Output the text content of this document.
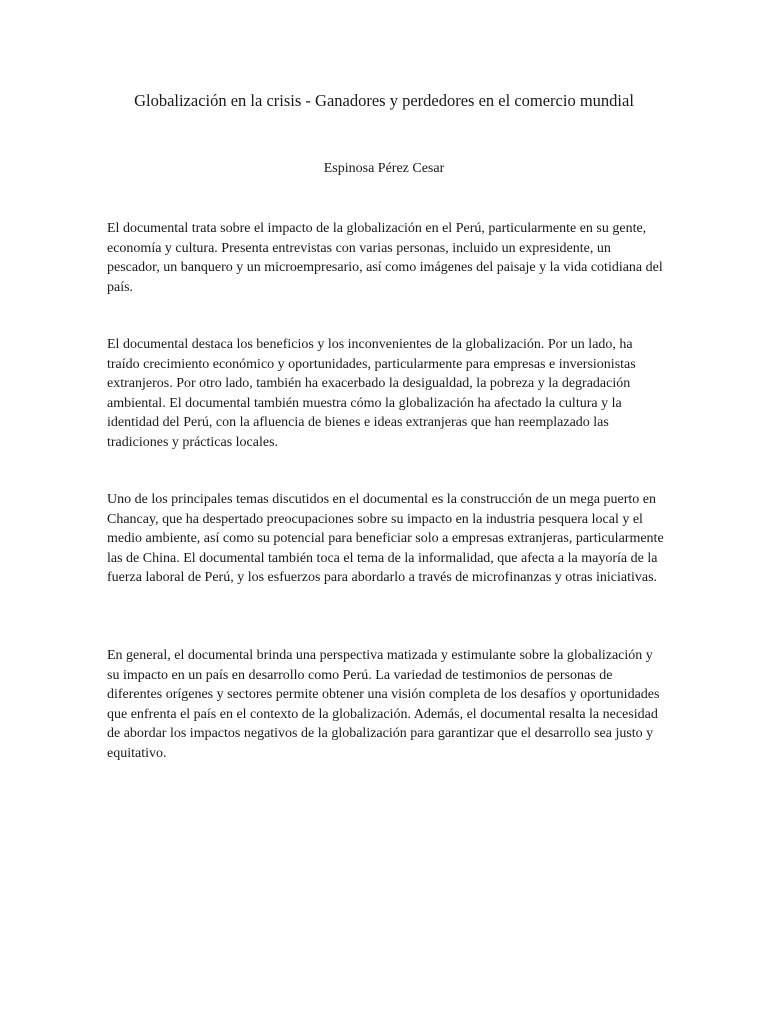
Globalización en la crisis - Ganadores y perdedores en el comercio mundial

Espinosa Pérez Cesar

El documental trata sobre el impacto de la globalización en el Perú, particularmente en su gente, economía y cultura. Presenta entrevistas con varias personas, incluido un expresidente, un pescador, un banquero y un microempresario, así como imágenes del paisaje y la vida cotidiana del país.

El documental destaca los beneficios y los inconvenientes de la globalización. Por un lado, ha traído crecimiento económico y oportunidades, particularmente para empresas e inversionistas extranjeros. Por otro lado, también ha exacerbado la desigualdad, la pobreza y la degradación ambiental. El documental también muestra cómo la globalización ha afectado la cultura y la identidad del Perú, con la afluencia de bienes e ideas extranjeras que han reemplazado las tradiciones y prácticas locales.

Uno de los principales temas discutidos en el documental es la construcción de un mega puerto en Chancay, que ha despertado preocupaciones sobre su impacto en la industria pesquera local y el medio ambiente, así como su potencial para beneficiar solo a empresas extranjeras, particularmente las de China. El documental también toca el tema de la informalidad, que afecta a la mayoría de la fuerza laboral de Perú, y los esfuerzos para abordarlo a través de microfinanzas y otras iniciativas.

En general, el documental brinda una perspectiva matizada y estimulante sobre la globalización y su impacto en un país en desarrollo como Perú. La variedad de testimonios de personas de diferentes orígenes y sectores permite obtener una visión completa de los desafíos y oportunidades que enfrenta el país en el contexto de la globalización. Además, el documental resalta la necesidad de abordar los impactos negativos de la globalización para garantizar que el desarrollo sea justo y equitativo.
